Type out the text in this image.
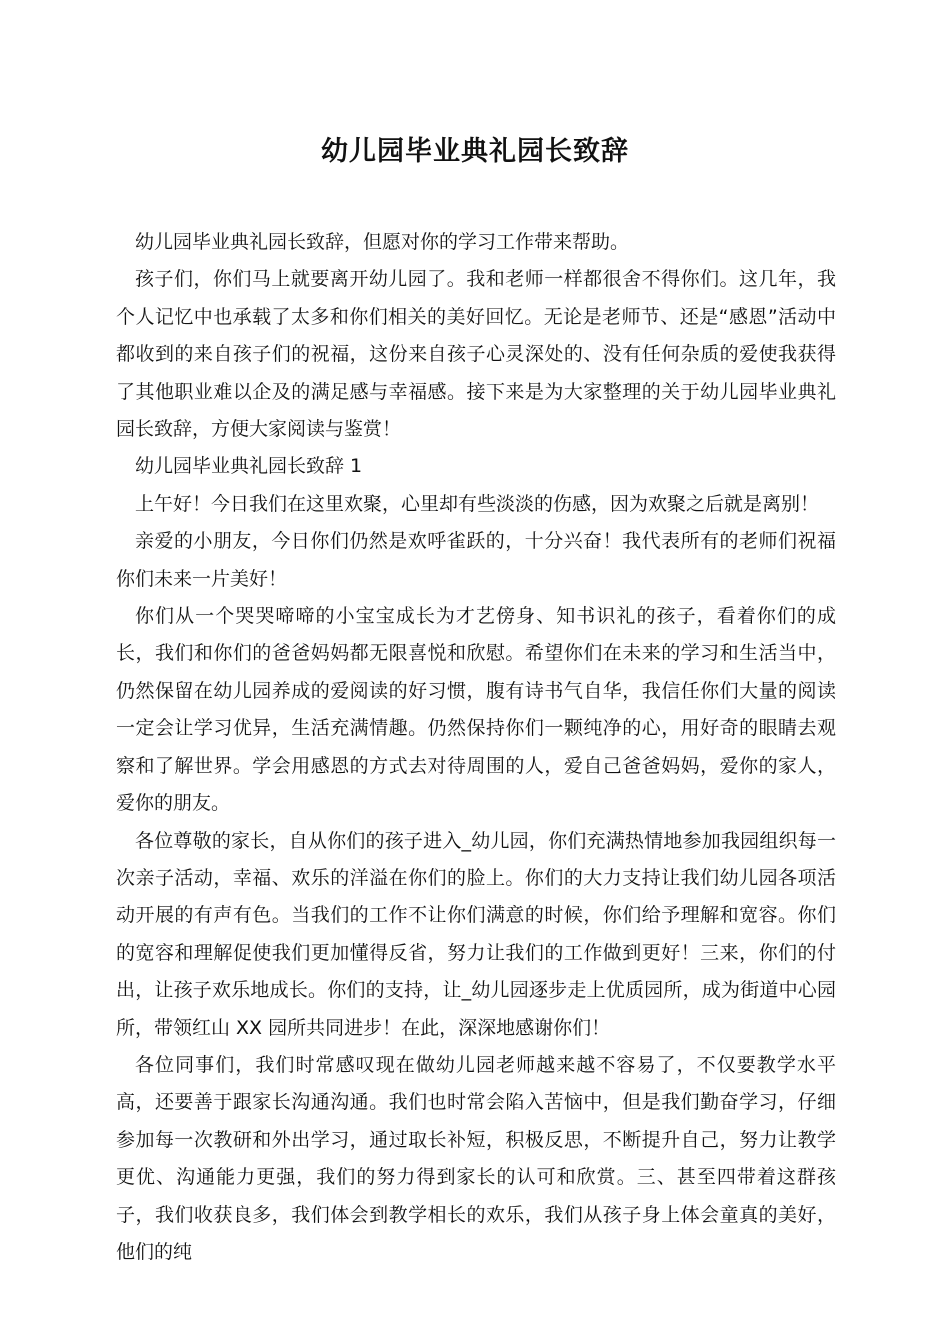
幼儿园毕业典礼园长致辞

幼儿园毕业典礼园长致辞，但愿对你的学习工作带来帮助。

孩子们，你们马上就要离开幼儿园了。我和老师一样都很舍不得你们。这几年，我个人记忆中也承载了太多和你们相关的美好回忆。无论是老师节、还是“感恩”活动中都收到的来自孩子们的祝福，这份来自孩子心灵深处的、没有任何杂质的爱使我获得了其他职业难以企及的满足感与幸福感。接下来是为大家整理的关于幼儿园毕业典礼园长致辞，方便大家阅读与鉴赏！

幼儿园毕业典礼园长致辞 1

上午好！今日我们在这里欢聚，心里却有些淡淡的伤感，因为欢聚之后就是离别！

亲爱的小朋友，今日你们仍然是欢呼雀跃的，十分兴奋！我代表所有的老师们祝福你们未来一片美好！

你们从一个哭哭啼啼的小宝宝成长为才艺傍身、知书识礼的孩子，看着你们的成长，我们和你们的爸爸妈妈都无限喜悦和欣慰。希望你们在未来的学习和生活当中，仍然保留在幼儿园养成的爱阅读的好习惯，腹有诗书气自华，我信任你们大量的阅读一定会让学习优异，生活充满情趣。仍然保持你们一颗纯净的心，用好奇的眼睛去观察和了解世界。学会用感恩的方式去对待周围的人，爱自己爸爸妈妈，爱你的家人，爱你的朋友。

各位尊敬的家长，自从你们的孩子进入_幼儿园，你们充满热情地参加我园组织每一次亲子活动，幸福、欢乐的洋溢在你们的脸上。你们的大力支持让我们幼儿园各项活动开展的有声有色。当我们的工作不让你们满意的时候，你们给予理解和宽容。你们的宽容和理解促使我们更加懂得反省，努力让我们的工作做到更好！三来，你们的付出，让孩子欢乐地成长。你们的支持，让_幼儿园逐步走上优质园所，成为街道中心园所，带领红山 XX 园所共同进步！在此，深深地感谢你们！

各位同事们，我们时常感叹现在做幼儿园老师越来越不容易了，不仅要教学水平高，还要善于跟家长沟通沟通。我们也时常会陷入苦恼中，但是我们勤奋学习，仔细参加每一次教研和外出学习，通过取长补短，积极反思，不断提升自己，努力让教学更优、沟通能力更强，我们的努力得到家长的认可和欣赏。三、甚至四带着这群孩子，我们收获良多，我们体会到教学相长的欢乐，我们从孩子身上体会童真的美好，他们的纯
